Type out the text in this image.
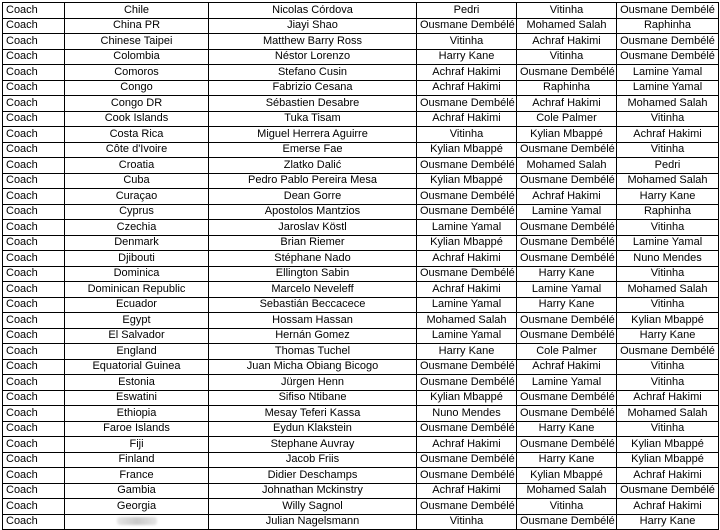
Coach	Chile	Nicolas Córdova	Pedri	Vitinha	Ousmane Dembélé
Coach	China PR	Jiayi Shao	Ousmane Dembélé	Mohamed Salah	Raphinha
Coach	Chinese Taipei	Matthew Barry Ross	Vitinha	Achraf Hakimi	Ousmane Dembélé
Coach	Colombia	Néstor Lorenzo	Harry Kane	Vitinha	Ousmane Dembélé
Coach	Comoros	Stefano Cusin	Achraf Hakimi	Ousmane Dembélé	Lamine Yamal
Coach	Congo	Fabrizio Cesana	Achraf Hakimi	Raphinha	Lamine Yamal
Coach	Congo DR	Sébastien Desabre	Ousmane Dembélé	Achraf Hakimi	Mohamed Salah
Coach	Cook Islands	Tuka Tisam	Achraf Hakimi	Cole Palmer	Vitinha
Coach	Costa Rica	Miguel Herrera Aguirre	Vitinha	Kylian Mbappé	Achraf Hakimi
Coach	Côte d'Ivoire	Emerse Fae	Kylian Mbappé	Ousmane Dembélé	Vitinha
Coach	Croatia	Zlatko Dalić	Ousmane Dembélé	Mohamed Salah	Pedri
Coach	Cuba	Pedro Pablo Pereira Mesa	Kylian Mbappé	Ousmane Dembélé	Mohamed Salah
Coach	Curaçao	Dean Gorre	Ousmane Dembélé	Achraf Hakimi	Harry Kane
Coach	Cyprus	Apostolos Mantzios	Ousmane Dembélé	Lamine Yamal	Raphinha
Coach	Czechia	Jaroslav Köstl	Lamine Yamal	Ousmane Dembélé	Vitinha
Coach	Denmark	Brian Riemer	Kylian Mbappé	Ousmane Dembélé	Lamine Yamal
Coach	Djibouti	Stéphane Nado	Achraf Hakimi	Ousmane Dembélé	Nuno Mendes
Coach	Dominica	Ellington Sabin	Ousmane Dembélé	Harry Kane	Vitinha
Coach	Dominican Republic	Marcelo Neveleff	Achraf Hakimi	Lamine Yamal	Mohamed Salah
Coach	Ecuador	Sebastián Beccacece	Lamine Yamal	Harry Kane	Vitinha
Coach	Egypt	Hossam Hassan	Mohamed Salah	Ousmane Dembélé	Kylian Mbappé
Coach	El Salvador	Hernán Gomez	Lamine Yamal	Ousmane Dembélé	Harry Kane
Coach	England	Thomas Tuchel	Harry Kane	Cole Palmer	Ousmane Dembélé
Coach	Equatorial Guinea	Juan Micha Obiang Bicogo	Ousmane Dembélé	Achraf Hakimi	Vitinha
Coach	Estonia	Jürgen Henn	Ousmane Dembélé	Lamine Yamal	Vitinha
Coach	Eswatini	Sifiso Ntibane	Kylian Mbappé	Ousmane Dembélé	Achraf Hakimi
Coach	Ethiopia	Mesay Teferi Kassa	Nuno Mendes	Ousmane Dembélé	Mohamed Salah
Coach	Faroe Islands	Eydun Klakstein	Ousmane Dembélé	Harry Kane	Vitinha
Coach	Fiji	Stephane Auvray	Achraf Hakimi	Ousmane Dembélé	Kylian Mbappé
Coach	Finland	Jacob Friis	Ousmane Dembélé	Harry Kane	Kylian Mbappé
Coach	France	Didier Deschamps	Ousmane Dembélé	Kylian Mbappé	Achraf Hakimi
Coach	Gambia	Johnathan Mckinstry	Achraf Hakimi	Mohamed Salah	Ousmane Dembélé
Coach	Georgia	Willy Sagnol	Ousmane Dembélé	Vitinha	Achraf Hakimi
Coach		Julian Nagelsmann	Vitinha	Ousmane Dembélé	Harry Kane
